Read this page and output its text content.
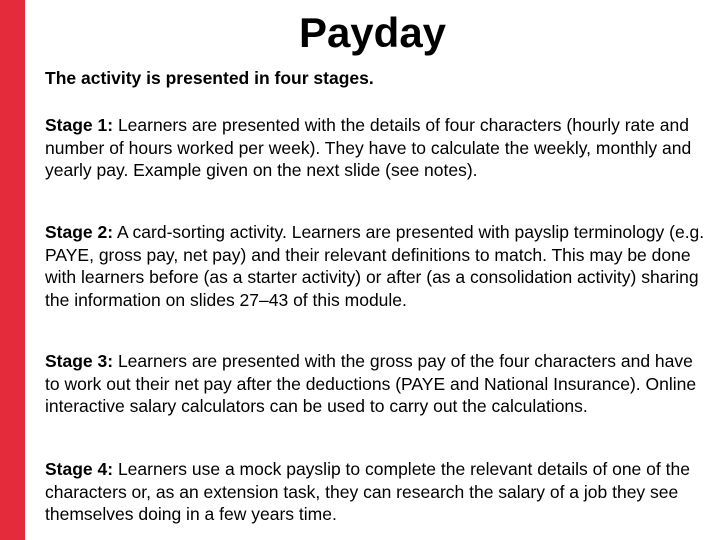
Payday
The activity is presented in four stages.
Stage 1: Learners are presented with the details of four characters (hourly rate and number of hours worked per week). They have to calculate the weekly, monthly and yearly pay. Example given on the next slide (see notes).
Stage 2: A card-sorting activity. Learners are presented with payslip terminology (e.g. PAYE, gross pay, net pay) and their relevant definitions to match. This may be done with learners before (as a starter activity) or after (as a consolidation activity) sharing the information on slides 27–43 of this module.
Stage 3: Learners are presented with the gross pay of the four characters and have to work out their net pay after the deductions (PAYE and National Insurance). Online interactive salary calculators can be used to carry out the calculations.
Stage 4: Learners use a mock payslip to complete the relevant details of one of the characters or, as an extension task, they can research the salary of a job they see themselves doing in a few years time.
